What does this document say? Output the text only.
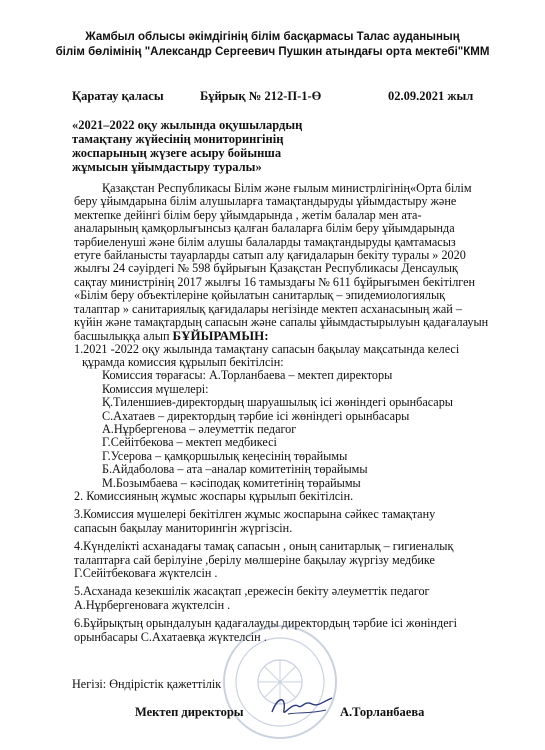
Жамбыл облысы әкімдігінің білім басқармасы Талас ауданының
білім бөлімінің "Александр Сергеевич Пушкин атындағы орта мектебі"КММ
Қаратау қаласы	Бұйрық № 212-П-1-Ө	02.09.2021 жыл
«2021–2022 оқу жылында оқушылардың
тамақтану жүйесінің мониторингінің
жоспарының жүзеге асыру бойынша
жұмысын ұйымдастыру туралы»
Қазақстан Республикасы Білім және ғылым министрлігінің«Орта білім
беру ұйымдарына білім алушыларға тамақтандыруды ұйымдастыру және
мектепке дейінгі білім беру ұйымдарында , жетім балалар мен ата-
аналарының қамқорлығынсыз қалған балаларға білім беру ұйымдарында
тәрбиеленуші және білім алушы балаларды тамақтандыруды қамтамасыз
етуге байланысты тауарларды сатып алу қағидаларын бекіту туралы » 2020
жылғы 24 сәуірдегі № 598 бұйрығын Қазақстан Республикасы Денсаулық
сақтау министрінің 2017 жылғы 16 тамыздағы № 611 бұйрығымен бекітілген
«Білім беру объектілеріне қойылатын санитарлық – эпидемиологиялық
талаптар » санитариялық қағидалары негізінде мектеп асханасының жай –
күйін және тамақтардың сапасын және сапалы ұйымдастырылуын қадағалауын
басшылыққа алып БҰЙЫРАМЫН:
1.2021 -2022 оқу жылында тамақтану сапасын бақылау мақсатында келесі
құрамда комиссия құрылып бекітілсін:
Комиссия төрағасы: А.Торланбаева – мектеп директоры
Комиссия мүшелері:
Қ.Тиленшиев-директордың шаруашылық ісі жөніндегі орынбасары
С.Ахатаев – директордың тәрбие ісі жөніндегі орынбасары
А.Нұрбергенова – әлеуметтік педагог
Г.Сейітбекова – мектеп медбикесі
Г.Усерова – қамқоршылық кеңесінің төрайымы
Б.Айдаболова – ата –аналар комитетінің төрайымы
М.Бозымбаева – кәсіподақ комитетінің төрайымы
2. Комиссияның жұмыс жоспары құрылып бекітілсін.
3.Комиссия мүшелері бекітілген жұмыс жоспарына сәйкес тамақтану
сапасын бақылау маниторингін жүргізсін.
4.Күнделікті асханадағы тамақ сапасын , оның санитарлық – гигиеналық
талаптарға сай берілуіне ,берілу мөлшеріне бақылау жүргізу медбике
Г.Сейітбековаға жүктелсін .
5.Асханада кезекшілік жасақтап ,ережесін бекіту әлеуметтік педагог
А.Нұрбергеноваға жүктелсін .
6.Бұйрықтың орындалуын қадағалауды директордың тәрбие ісі жөніндегі
орынбасары С.Ахатаевқа жүктелсін .
Негізі: Өндірістік қажеттілік
Мектеп директоры	А.Торланбаева
